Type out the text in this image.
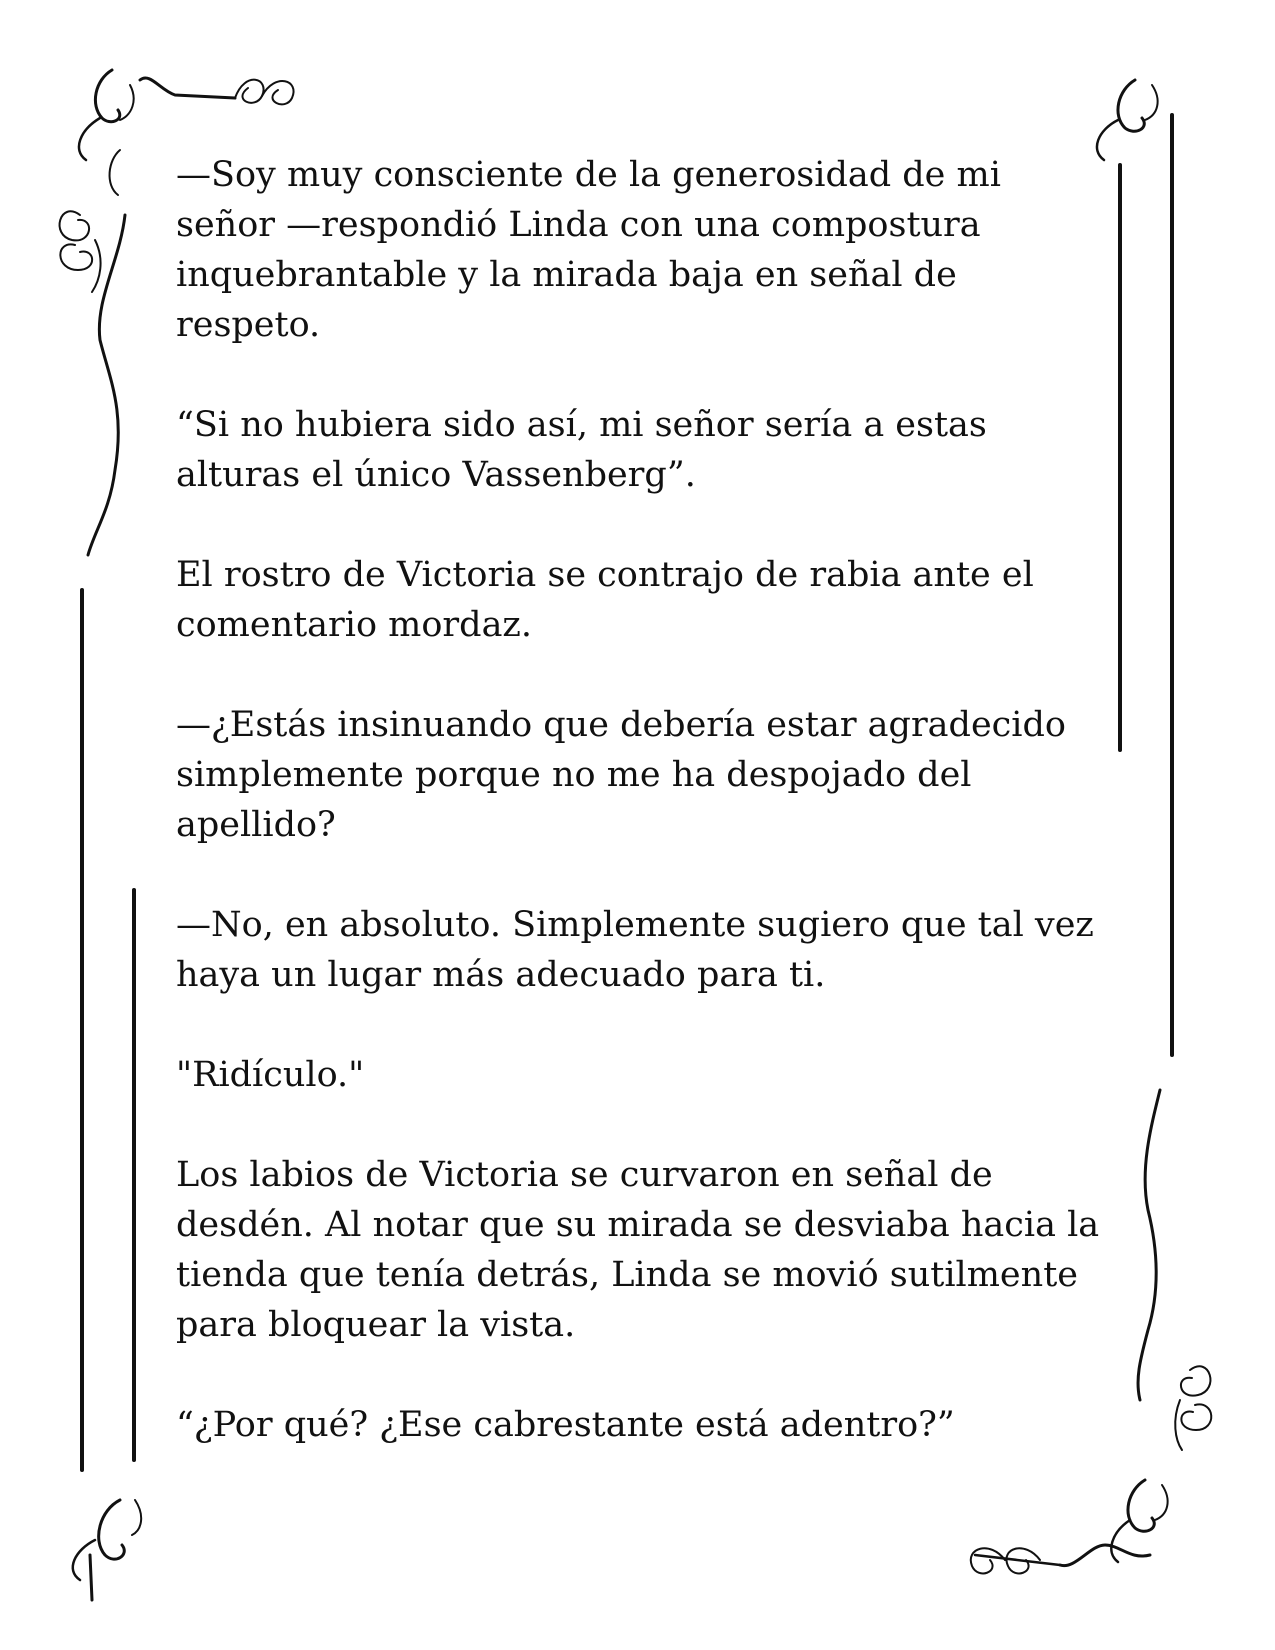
—Soy muy consciente de la generosidad de mi señor —respondió Linda con una compostura inquebrantable y la mirada baja en señal de respeto.

“Si no hubiera sido así, mi señor sería a estas alturas el único Vassenberg”.

El rostro de Victoria se contrajo de rabia ante el comentario mordaz.

—¿Estás insinuando que debería estar agradecido simplemente porque no me ha despojado del apellido?

—No, en absoluto. Simplemente sugiero que tal vez haya un lugar más adecuado para ti.

"Ridículo."

Los labios de Victoria se curvaron en señal de desdén. Al notar que su mirada se desviaba hacia la tienda que tenía detrás, Linda se movió sutilmente para bloquear la vista.

“¿Por qué? ¿Ese cabrestante está adentro?”
